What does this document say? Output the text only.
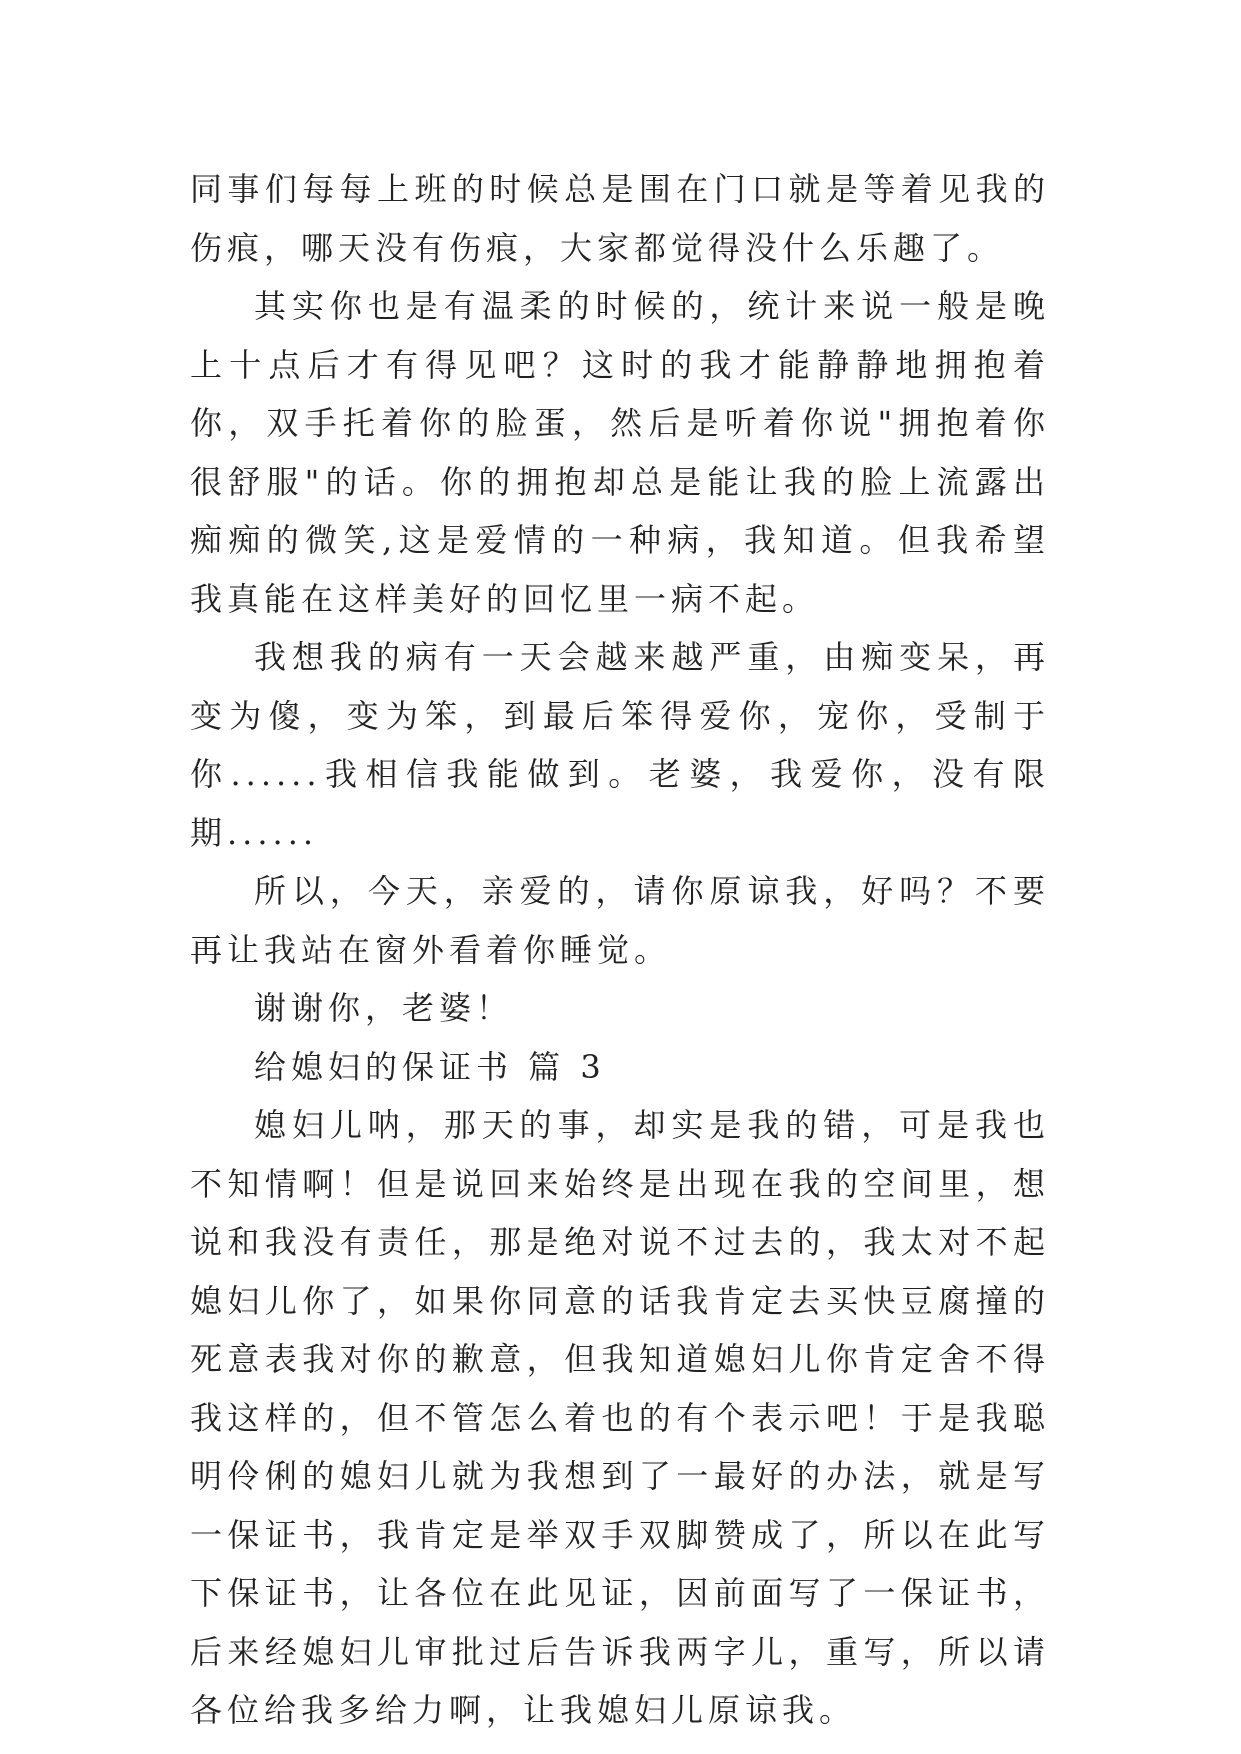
同事们每每上班的时候总是围在门口就是等着见我的伤痕，哪天没有伤痕，大家都觉得没什么乐趣了。

其实你也是有温柔的时候的，统计来说一般是晚上十点后才有得见吧？这时的我才能静静地拥抱着你，双手托着你的脸蛋，然后是听着你说"拥抱着你很舒服"的话。你的拥抱却总是能让我的脸上流露出痴痴的微笑,这是爱情的一种病，我知道。但我希望我真能在这样美好的回忆里一病不起。

我想我的病有一天会越来越严重，由痴变呆，再变为傻，变为笨，到最后笨得爱你，宠你，受制于你......我相信我能做到。老婆，我爱你，没有限期......

所以，今天，亲爱的，请你原谅我，好吗？不要再让我站在窗外看着你睡觉。

谢谢你，老婆！

给媳妇的保证书 篇 3

媳妇儿呐，那天的事，却实是我的错，可是我也不知情啊！但是说回来始终是出现在我的空间里，想说和我没有责任，那是绝对说不过去的，我太对不起媳妇儿你了，如果你同意的话我肯定去买快豆腐撞的死意表我对你的歉意，但我知道媳妇儿你肯定舍不得我这样的，但不管怎么着也的有个表示吧！于是我聪明伶俐的媳妇儿就为我想到了一最好的办法，就是写一保证书，我肯定是举双手双脚赞成了，所以在此写下保证书，让各位在此见证，因前面写了一保证书，后来经媳妇儿审批过后告诉我两字儿，重写，所以请各位给我多给力啊，让我媳妇儿原谅我。
